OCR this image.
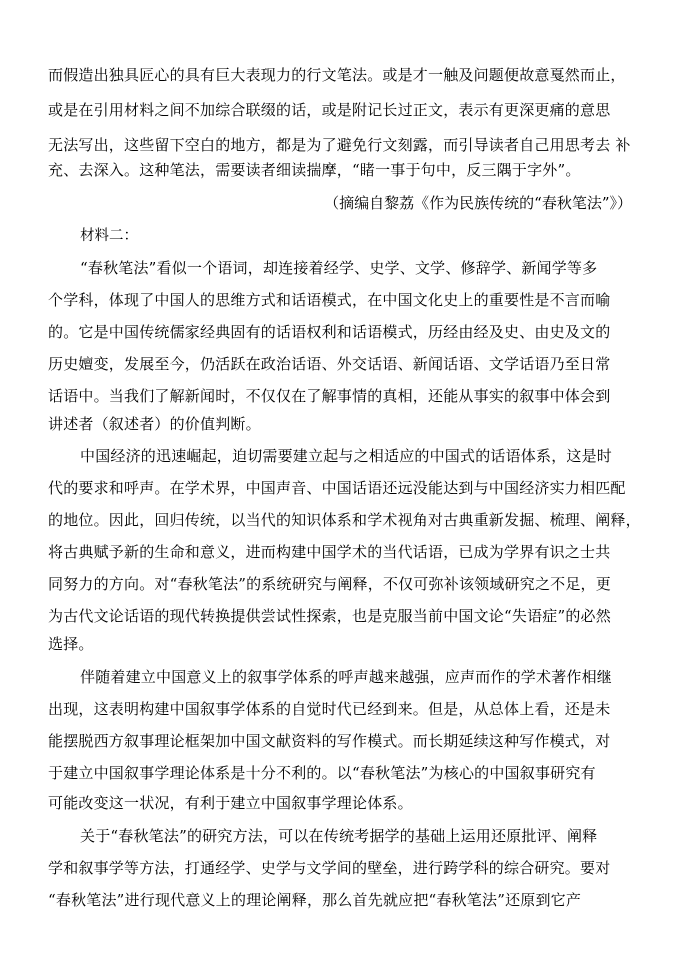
而假造出独具匠心的具有巨大表现力的行文笔法。或是才一触及问题便故意戛然而止，
或是在引用材料之间不加综合联缀的话，或是附记长过正文，表示有更深更痛的意思
无法写出，这些留下空白的地方，都是为了避免行文刻露，而引导读者自己用思考去 补
充、去深入。这种笔法，需要读者细读揣摩，“睹一事于句中，反三隅于字外”。
（摘编自黎荔《作为民族传统的“春秋笔法”》）
材料二：
“春秋笔法”看似一个语词，却连接着经学、史学、文学、修辞学、新闻学等多
个学科，体现了中国人的思维方式和话语模式，在中国文化史上的重要性是不言而喻
的。它是中国传统儒家经典固有的话语权利和话语模式，历经由经及史、由史及文的
历史嬗变，发展至今，仍活跃在政治话语、外交话语、新闻话语、文学话语乃至日常
话语中。当我们了解新闻时，不仅仅在了解事情的真相，还能从事实的叙事中体会到
讲述者（叙述者）的价值判断。
中国经济的迅速崛起，迫切需要建立起与之相适应的中国式的话语体系，这是时
代的要求和呼声。在学术界，中国声音、中国话语还远没能达到与中国经济实力相匹配
的地位。因此，回归传统，以当代的知识体系和学术视角对古典重新发掘、梳理、阐释，
将古典赋予新的生命和意义，进而构建中国学术的当代话语，已成为学界有识之士共
同努力的方向。对“春秋笔法”的系统研究与阐释，不仅可弥补该领域研究之不足，更
为古代文论话语的现代转换提供尝试性探索，也是克服当前中国文论“失语症”的必然
选择。
伴随着建立中国意义上的叙事学体系的呼声越来越强，应声而作的学术著作相继
出现，这表明构建中国叙事学体系的自觉时代已经到来。但是，从总体上看，还是未
能摆脱西方叙事理论框架加中国文献资料的写作模式。而长期延续这种写作模式，对
于建立中国叙事学理论体系是十分不利的。以“春秋笔法”为核心的中国叙事研究有
可能改变这一状况，有利于建立中国叙事学理论体系。
关于“春秋笔法”的研究方法，可以在传统考据学的基础上运用还原批评、阐释
学和叙事学等方法，打通经学、史学与文学间的壁垒，进行跨学科的综合研究。要对
“春秋笔法”进行现代意义上的理论阐释，那么首先就应把“春秋笔法”还原到它产
